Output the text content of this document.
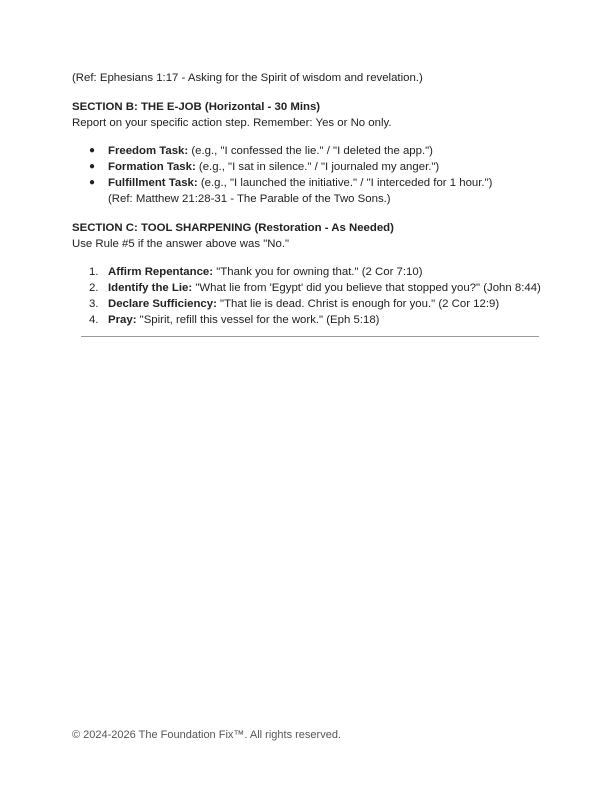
(Ref: Ephesians 1:17 - Asking for the Spirit of wisdom and revelation.)

SECTION B: THE E-JOB (Horizontal - 30 Mins)
Report on your specific action step. Remember: Yes or No only.
● Freedom Task: (e.g., "I confessed the lie." / "I deleted the app.")
● Formation Task: (e.g., "I sat in silence." / "I journaled my anger.")
● Fulfillment Task: (e.g., "I launched the initiative." / "I interceded for 1 hour.")
(Ref: Matthew 21:28-31 - The Parable of the Two Sons.)
SECTION C: TOOL SHARPENING (Restoration - As Needed)
Use Rule #5 if the answer above was "No."
1. Affirm Repentance: "Thank you for owning that." (2 Cor 7:10)
2. Identify the Lie: "What lie from 'Egypt' did you believe that stopped you?" (John 8:44)
3. Declare Sufficiency: "That lie is dead. Christ is enough for you." (2 Cor 12:9)
4. Pray: "Spirit, refill this vessel for the work." (Eph 5:18)
© 2024-2026 The Foundation Fix™. All rights reserved.
